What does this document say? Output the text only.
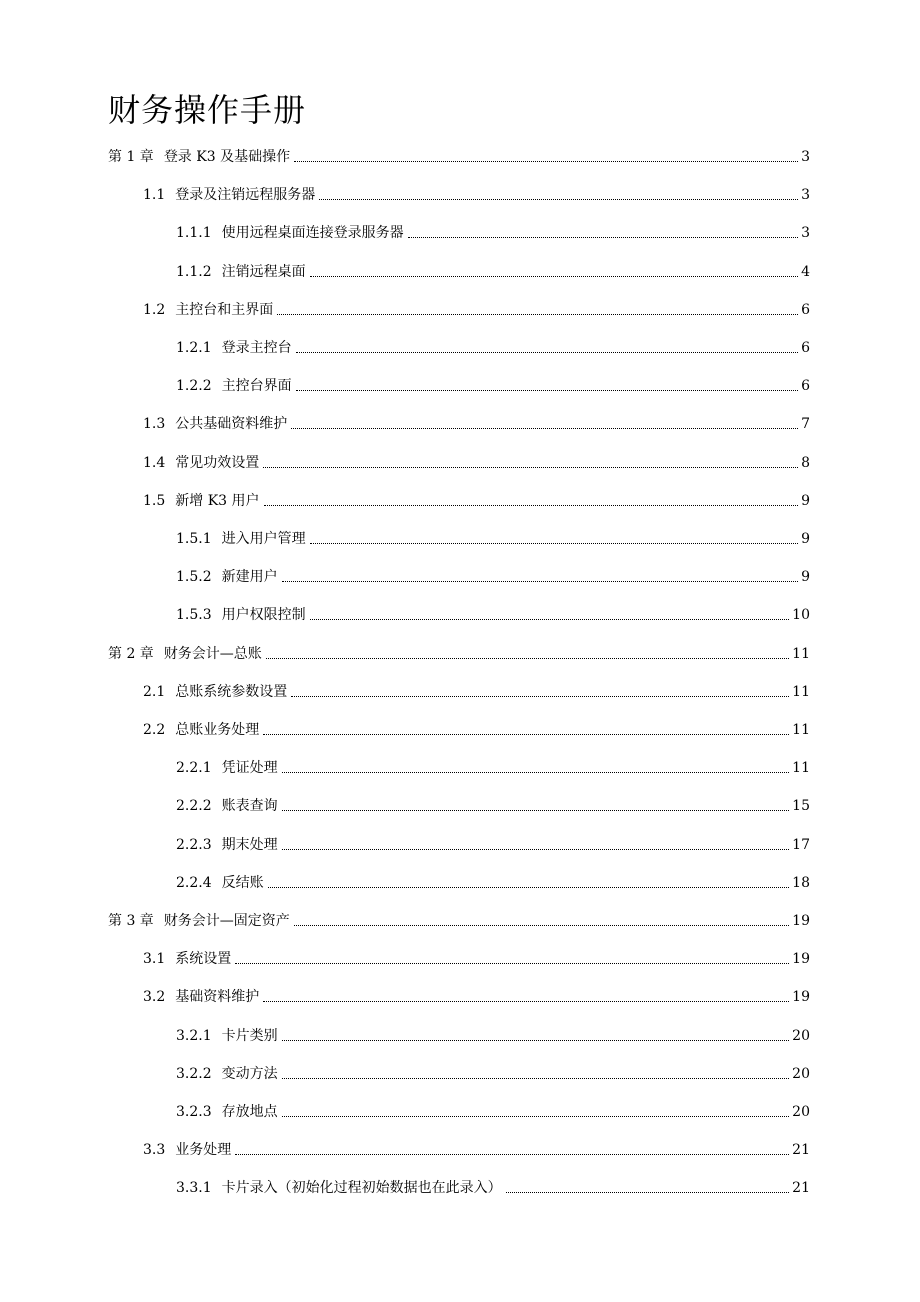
财务操作手册
第 1 章 登录 K3 及基础操作	3
1.1 登录及注销远程服务器	3
1.1.1 使用远程桌面连接登录服务器	3
1.1.2 注销远程桌面	4
1.2 主控台和主界面	6
1.2.1 登录主控台	6
1.2.2 主控台界面	6
1.3 公共基础资料维护	7
1.4 常见功效设置	8
1.5 新增 K3 用户	9
1.5.1 进入用户管理	9
1.5.2 新建用户	9
1.5.3 用户权限控制	10
第 2 章 财务会计—总账	11
2.1 总账系统参数设置	11
2.2 总账业务处理	11
2.2.1 凭证处理	11
2.2.2 账表查询	15
2.2.3 期末处理	17
2.2.4 反结账	18
第 3 章 财务会计—固定资产	19
3.1 系统设置	19
3.2 基础资料维护	19
3.2.1 卡片类别	20
3.2.2 变动方法	20
3.2.3 存放地点	20
3.3 业务处理	21
3.3.1 卡片录入（初始化过程初始数据也在此录入）	21
